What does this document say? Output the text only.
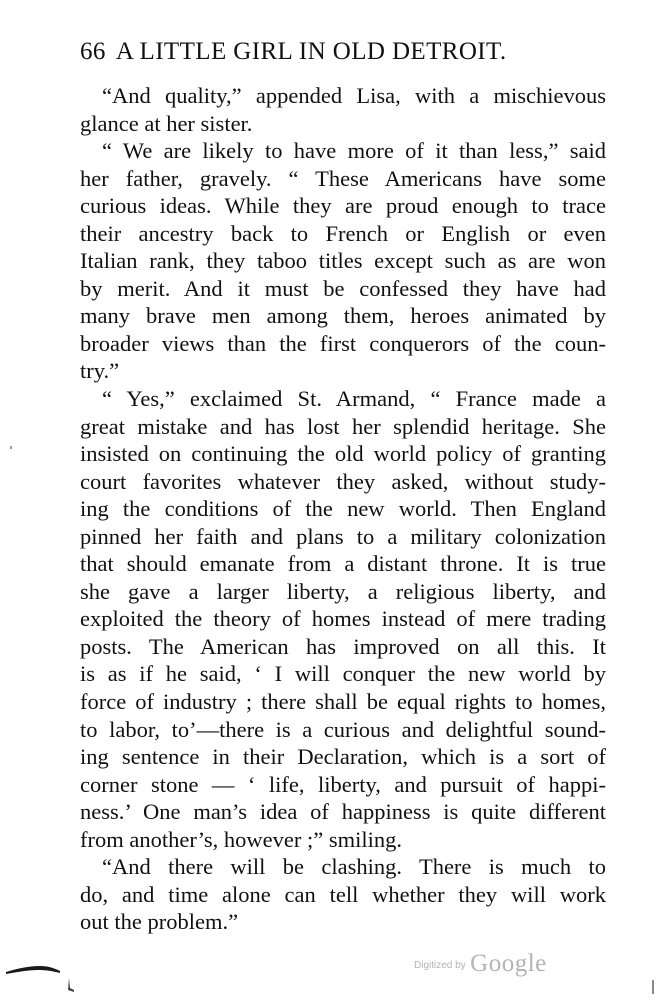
66 A LITTLE GIRL IN OLD DETROIT.
“And quality,” appended Lisa, with a mischievous
glance at her sister.
“ We are likely to have more of it than less,” said
her father, gravely. “ These Americans have some
curious ideas. While they are proud enough to trace
their ancestry back to French or English or even
Italian rank, they taboo titles except such as are won
by merit. And it must be confessed they have had
many brave men among them, heroes animated by
broader views than the first conquerors of the coun-
try.”
“ Yes,” exclaimed St. Armand, “ France made a
great mistake and has lost her splendid heritage. She
insisted on continuing the old world policy of granting
court favorites whatever they asked, without study-
ing the conditions of the new world. Then England
pinned her faith and plans to a military colonization
that should emanate from a distant throne. It is true
she gave a larger liberty, a religious liberty, and
exploited the theory of homes instead of mere trading
posts. The American has improved on all this. It
is as if he said, ‘ I will conquer the new world by
force of industry ; there shall be equal rights to homes,
to labor, to’—there is a curious and delightful sound-
ing sentence in their Declaration, which is a sort of
corner stone — ‘ life, liberty, and pursuit of happi-
ness.’ One man’s idea of happiness is quite different
from another’s, however ;” smiling.
“And there will be clashing. There is much to
do, and time alone can tell whether they will work
out the problem.”
Digitized by Google
